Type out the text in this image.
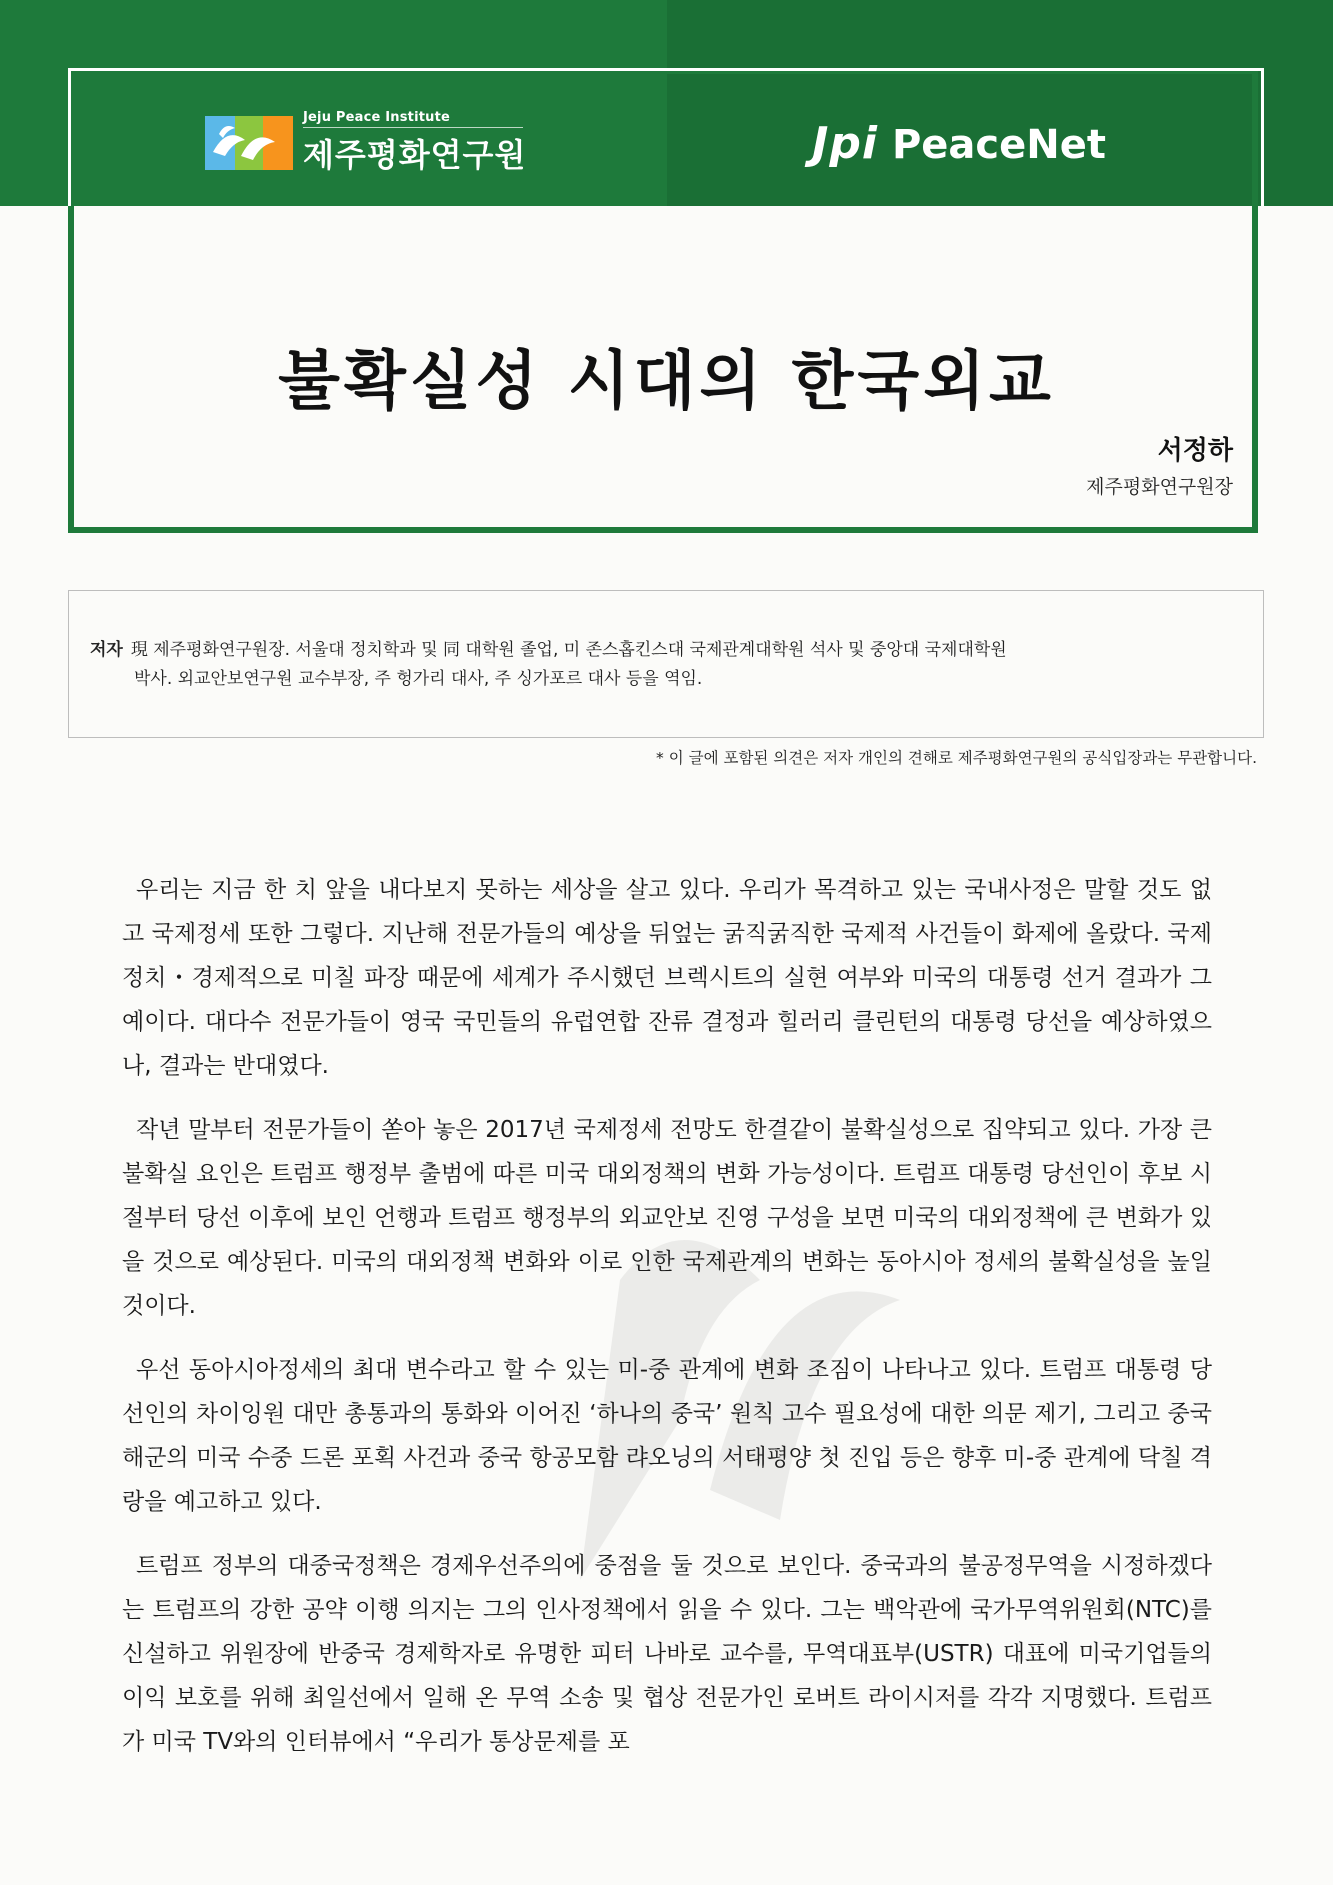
Jeju Peace Institute
제주평화연구원	Jpi PeaceNet
불확실성 시대의 한국외교
서정하
제주평화연구원장
저자 現 제주평화연구원장. 서울대 정치학과 및 同 대학원 졸업, 미 존스홉킨스대 국제관계대학원 석사 및 중앙대 국제대학원
박사. 외교안보연구원 교수부장, 주 헝가리 대사, 주 싱가포르 대사 등을 역임.
* 이 글에 포함된 의견은 저자 개인의 견해로 제주평화연구원의 공식입장과는 무관합니다.

우리는 지금 한 치 앞을 내다보지 못하는 세상을 살고 있다. 우리가 목격하고 있는 국내사정은 말할 것도 없고 국제정세 또한 그렇다. 지난해 전문가들의 예상을 뒤엎는 굵직굵직한 국제적 사건들이 화제에 올랐다. 국제정치・경제적으로 미칠 파장 때문에 세계가 주시했던 브렉시트의 실현 여부와 미국의 대통령 선거 결과가 그 예이다. 대다수 전문가들이 영국 국민들의 유럽연합 잔류 결정과 힐러리 클린턴의 대통령 당선을 예상하였으나, 결과는 반대였다.

작년 말부터 전문가들이 쏟아 놓은 2017년 국제정세 전망도 한결같이 불확실성으로 집약되고 있다. 가장 큰 불확실 요인은 트럼프 행정부 출범에 따른 미국 대외정책의 변화 가능성이다. 트럼프 대통령 당선인이 후보 시절부터 당선 이후에 보인 언행과 트럼프 행정부의 외교안보 진영 구성을 보면 미국의 대외정책에 큰 변화가 있을 것으로 예상된다. 미국의 대외정책 변화와 이로 인한 국제관계의 변화는 동아시아 정세의 불확실성을 높일 것이다.

우선 동아시아정세의 최대 변수라고 할 수 있는 미-중 관계에 변화 조짐이 나타나고 있다. 트럼프 대통령 당선인의 차이잉원 대만 총통과의 통화와 이어진 ‘하나의 중국’ 원칙 고수 필요성에 대한 의문 제기, 그리고 중국 해군의 미국 수중 드론 포획 사건과 중국 항공모함 랴오닝의 서태평양 첫 진입 등은 향후 미-중 관계에 닥칠 격랑을 예고하고 있다.

트럼프 정부의 대중국정책은 경제우선주의에 중점을 둘 것으로 보인다. 중국과의 불공정무역을 시정하겠다는 트럼프의 강한 공약 이행 의지는 그의 인사정책에서 읽을 수 있다. 그는 백악관에 국가무역위원회(NTC)를 신설하고 위원장에 반중국 경제학자로 유명한 피터 나바로 교수를, 무역대표부(USTR) 대표에 미국기업들의 이익 보호를 위해 최일선에서 일해 온 무역 소송 및 협상 전문가인 로버트 라이시저를 각각 지명했다. 트럼프가 미국 TV와의 인터뷰에서 “우리가 통상문제를 포
